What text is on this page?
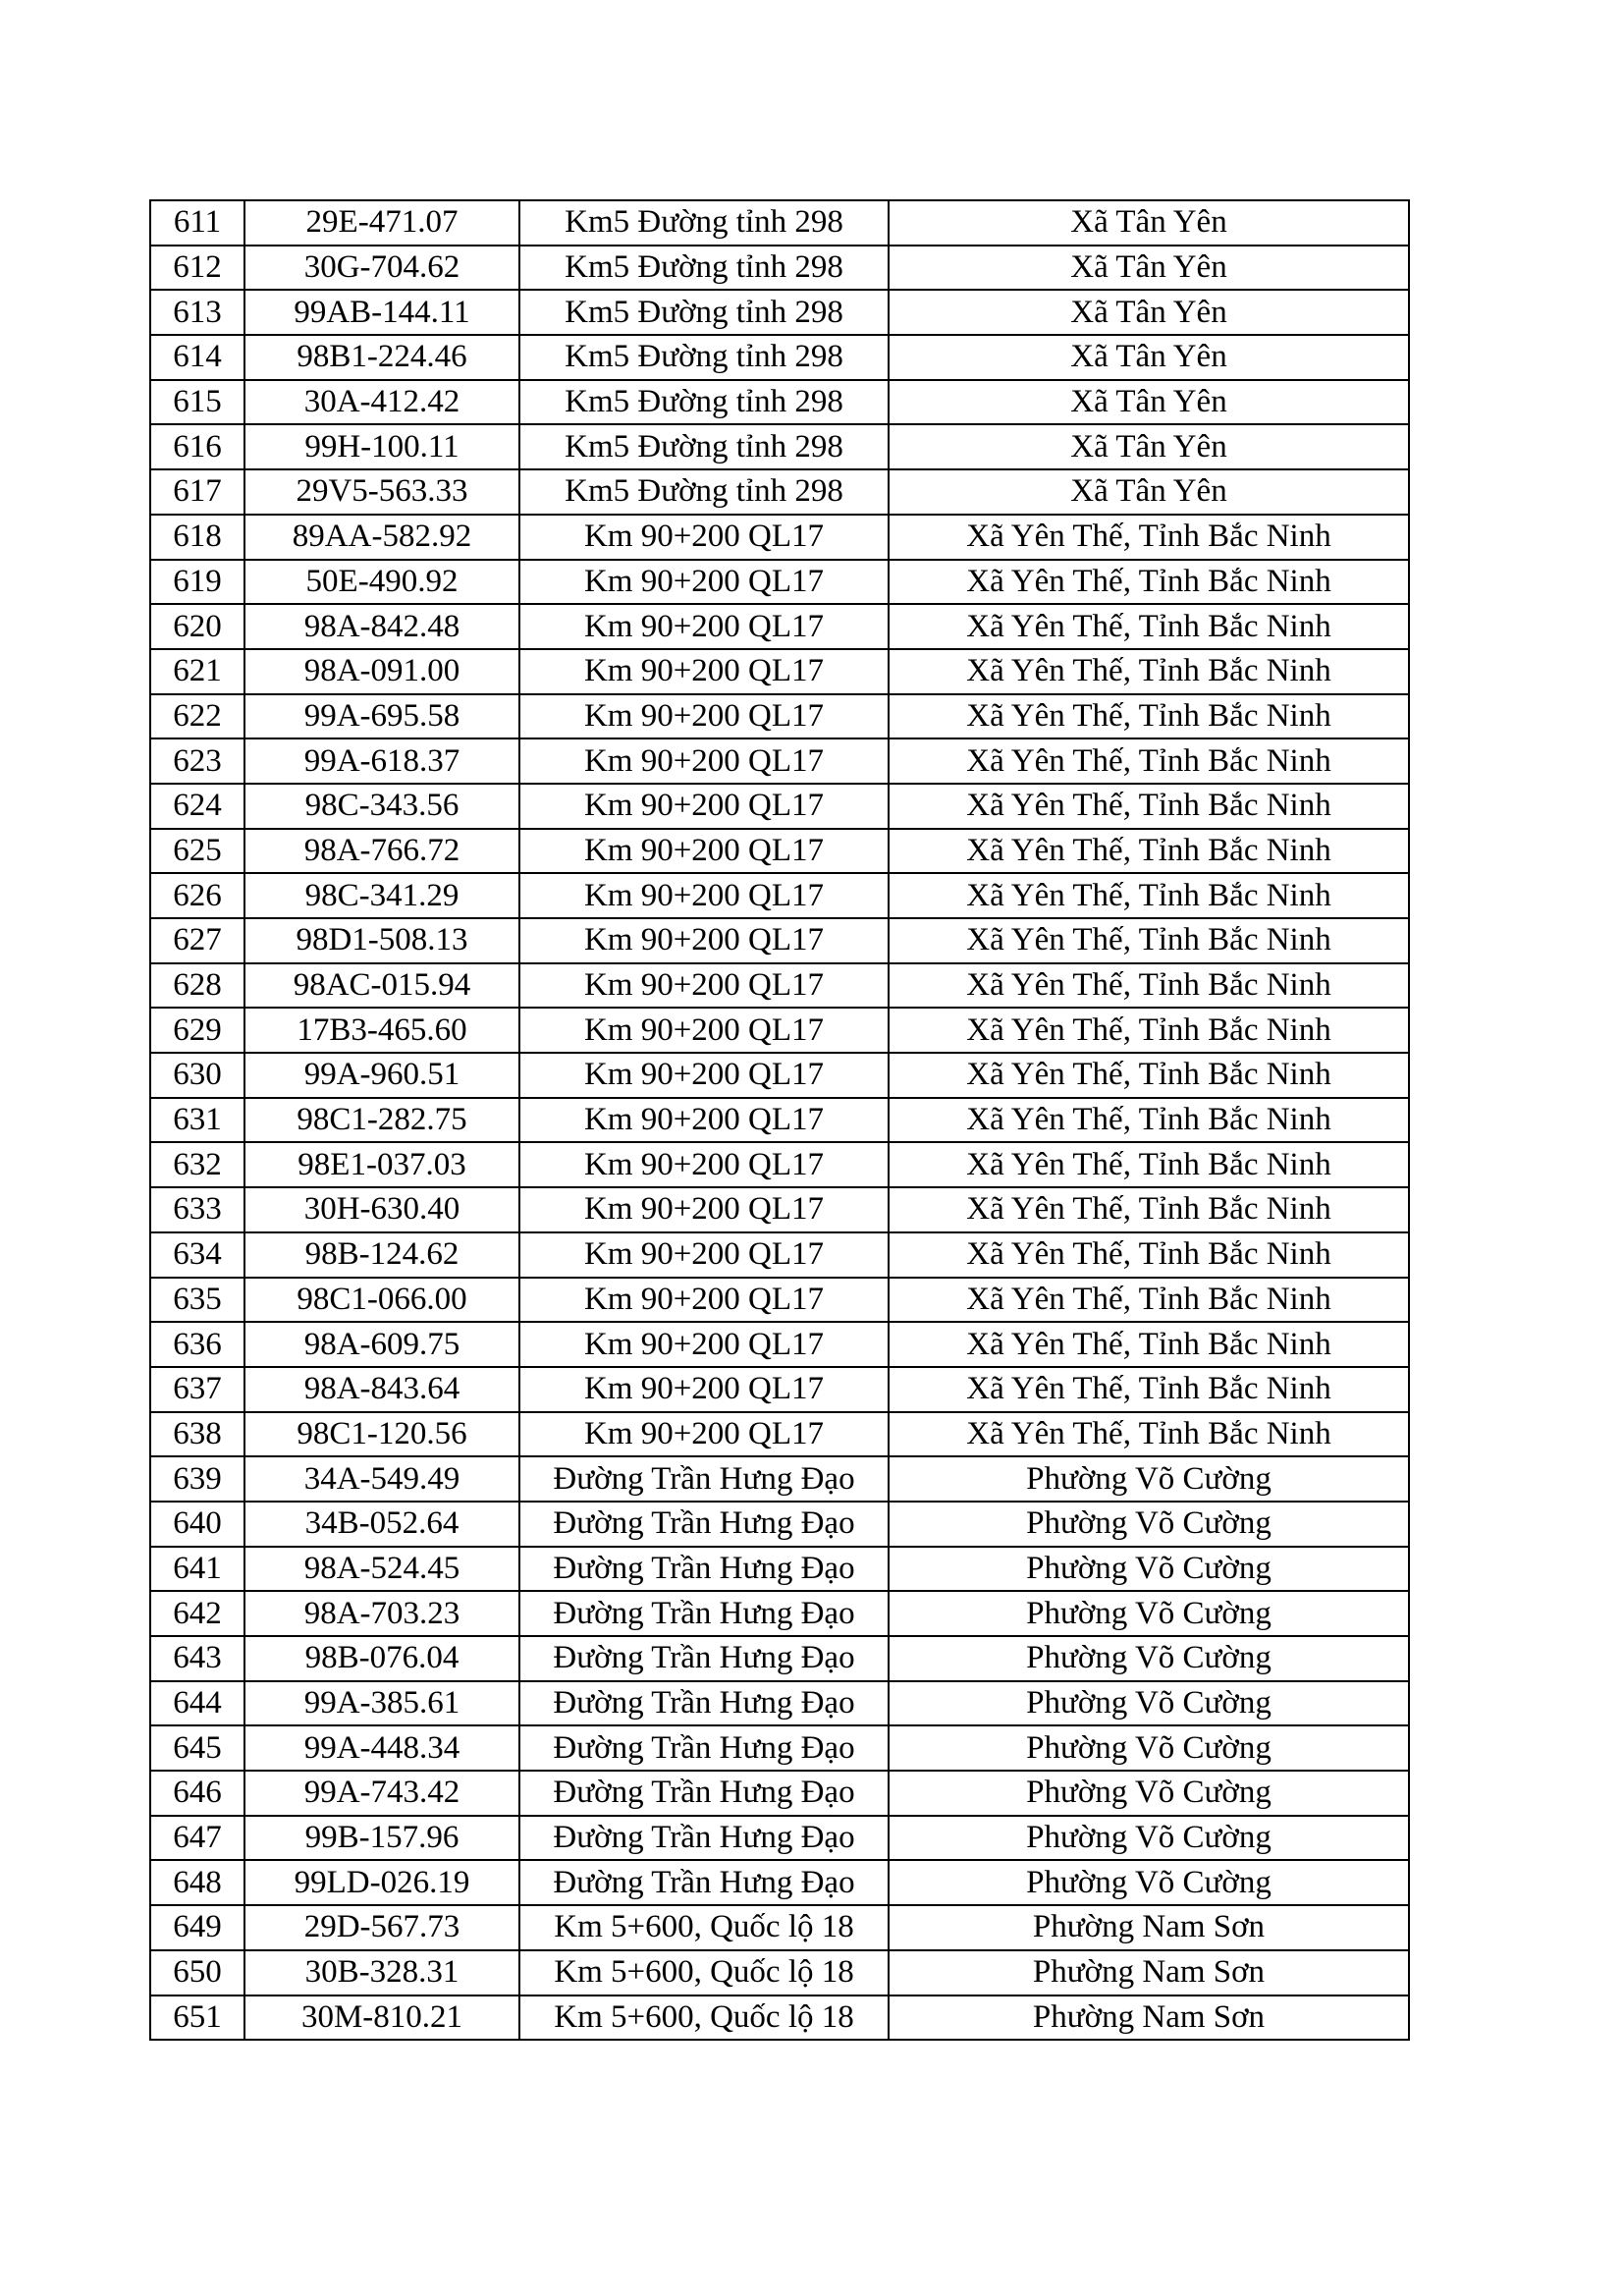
611	29E-471.07	Km5 Đường tỉnh 298	Xã Tân Yên
612	30G-704.62	Km5 Đường tỉnh 298	Xã Tân Yên
613	99AB-144.11	Km5 Đường tỉnh 298	Xã Tân Yên
614	98B1-224.46	Km5 Đường tỉnh 298	Xã Tân Yên
615	30A-412.42	Km5 Đường tỉnh 298	Xã Tân Yên
616	99H-100.11	Km5 Đường tỉnh 298	Xã Tân Yên
617	29V5-563.33	Km5 Đường tỉnh 298	Xã Tân Yên
618	89AA-582.92	Km 90+200 QL17	Xã Yên Thế, Tỉnh Bắc Ninh
619	50E-490.92	Km 90+200 QL17	Xã Yên Thế, Tỉnh Bắc Ninh
620	98A-842.48	Km 90+200 QL17	Xã Yên Thế, Tỉnh Bắc Ninh
621	98A-091.00	Km 90+200 QL17	Xã Yên Thế, Tỉnh Bắc Ninh
622	99A-695.58	Km 90+200 QL17	Xã Yên Thế, Tỉnh Bắc Ninh
623	99A-618.37	Km 90+200 QL17	Xã Yên Thế, Tỉnh Bắc Ninh
624	98C-343.56	Km 90+200 QL17	Xã Yên Thế, Tỉnh Bắc Ninh
625	98A-766.72	Km 90+200 QL17	Xã Yên Thế, Tỉnh Bắc Ninh
626	98C-341.29	Km 90+200 QL17	Xã Yên Thế, Tỉnh Bắc Ninh
627	98D1-508.13	Km 90+200 QL17	Xã Yên Thế, Tỉnh Bắc Ninh
628	98AC-015.94	Km 90+200 QL17	Xã Yên Thế, Tỉnh Bắc Ninh
629	17B3-465.60	Km 90+200 QL17	Xã Yên Thế, Tỉnh Bắc Ninh
630	99A-960.51	Km 90+200 QL17	Xã Yên Thế, Tỉnh Bắc Ninh
631	98C1-282.75	Km 90+200 QL17	Xã Yên Thế, Tỉnh Bắc Ninh
632	98E1-037.03	Km 90+200 QL17	Xã Yên Thế, Tỉnh Bắc Ninh
633	30H-630.40	Km 90+200 QL17	Xã Yên Thế, Tỉnh Bắc Ninh
634	98B-124.62	Km 90+200 QL17	Xã Yên Thế, Tỉnh Bắc Ninh
635	98C1-066.00	Km 90+200 QL17	Xã Yên Thế, Tỉnh Bắc Ninh
636	98A-609.75	Km 90+200 QL17	Xã Yên Thế, Tỉnh Bắc Ninh
637	98A-843.64	Km 90+200 QL17	Xã Yên Thế, Tỉnh Bắc Ninh
638	98C1-120.56	Km 90+200 QL17	Xã Yên Thế, Tỉnh Bắc Ninh
639	34A-549.49	Đường Trần Hưng Đạo	Phường Võ Cường
640	34B-052.64	Đường Trần Hưng Đạo	Phường Võ Cường
641	98A-524.45	Đường Trần Hưng Đạo	Phường Võ Cường
642	98A-703.23	Đường Trần Hưng Đạo	Phường Võ Cường
643	98B-076.04	Đường Trần Hưng Đạo	Phường Võ Cường
644	99A-385.61	Đường Trần Hưng Đạo	Phường Võ Cường
645	99A-448.34	Đường Trần Hưng Đạo	Phường Võ Cường
646	99A-743.42	Đường Trần Hưng Đạo	Phường Võ Cường
647	99B-157.96	Đường Trần Hưng Đạo	Phường Võ Cường
648	99LD-026.19	Đường Trần Hưng Đạo	Phường Võ Cường
649	29D-567.73	Km 5+600, Quốc lộ 18	Phường Nam Sơn
650	30B-328.31	Km 5+600, Quốc lộ 18	Phường Nam Sơn
651	30M-810.21	Km 5+600, Quốc lộ 18	Phường Nam Sơn
